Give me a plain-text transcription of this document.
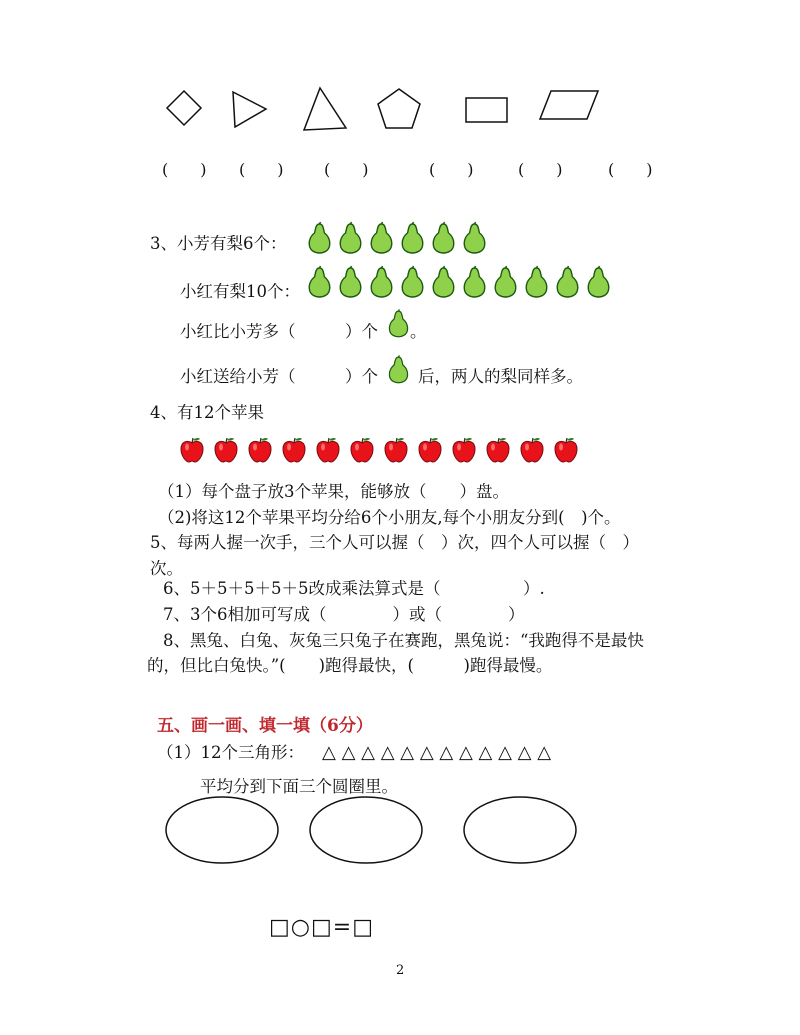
(　　) (　　)	(　　)	(　　)	(　　)	(　　)
3、小芳有梨6个：
小红有梨10个：
小红比小芳多（　　　）个 。
小红送给小芳（　　　）个 后，两人的梨同样多。
4、有12个苹果
（1）每个盘子放3个苹果，能够放（　　）盘。
（2)将这12个苹果平均分给6个小朋友,每个小朋友分到(　)个。
5、每两人握一次手，三个人可以握（　）次，四个人可以握（　）
次。
6、5＋5＋5＋5＋5改成乘法算式是（　　　　　）.
7、3个6相加可写成（　　　　）或（　　　　）
8、黑兔、白兔、灰兔三只兔子在赛跑，黑兔说：“我跑得不是最快
的，但比白兔快。”(　　)跑得最快，(　　　)跑得最慢。
五、画一画、填一填（6分）
（1）12个三角形： △ △ △ △ △ △ △ △ △ △ △ △
平均分到下面三个圆圈里。
□○□=□
2
